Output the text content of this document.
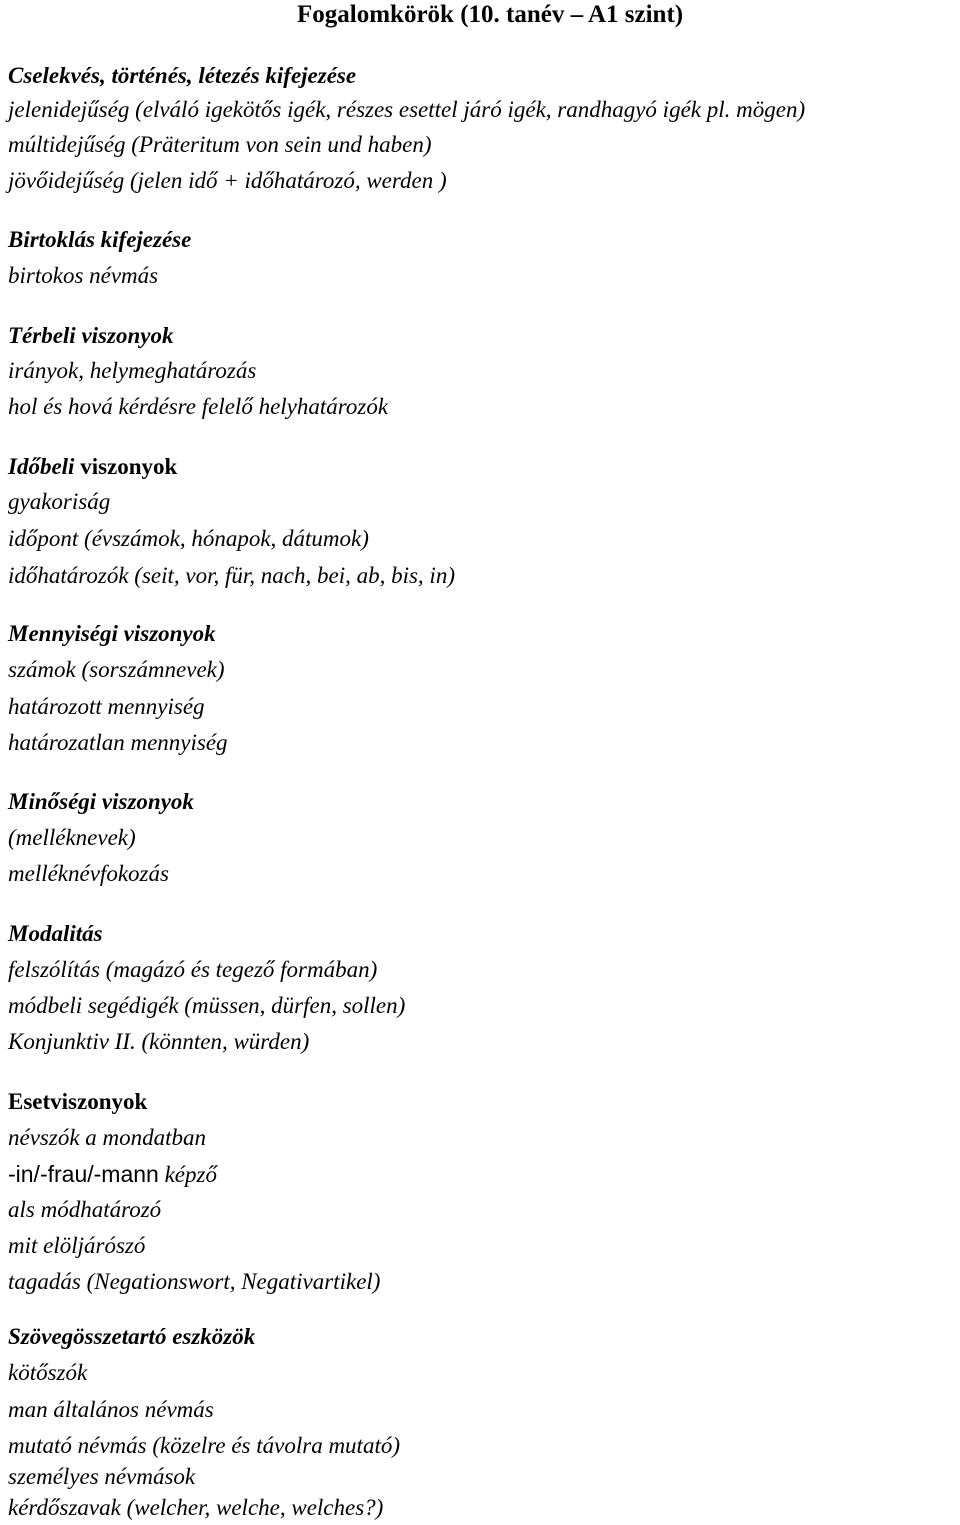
Fogalomkörök (10. tanév – A1 szint)
Cselekvés, történés, létezés kifejezése
jelenidejűség (elváló igekötős igék, részes esettel járó igék, randhagyó igék pl. mögen)
múltidejűség (Präteritum von sein und haben)
jövőidejűség (jelen idő + időhatározó, werden )
Birtoklás kifejezése
birtokos névmás
Térbeli viszonyok
irányok, helymeghatározás
hol és hová kérdésre felelő helyhatározók
Időbeli viszonyok
gyakoriság
időpont (évszámok, hónapok, dátumok)
időhatározók (seit, vor, für, nach, bei, ab, bis, in)
Mennyiségi viszonyok
számok (sorszámnevek)
határozott mennyiség
határozatlan mennyiség
Minőségi viszonyok
(melléknevek)
melléknévfokozás
Modalitás
felszólítás (magázó és tegező formában)
módbeli segédigék (müssen, dürfen, sollen)
Konjunktiv II. (könnten, würden)
Esetviszonyok
névszók a mondatban
-in/-frau/-mann képző
als módhatározó
mit elöljárószó
tagadás (Negationswort, Negativartikel)
Szövegösszetartó eszközök
kötőszók
man általános névmás
mutató névmás (közelre és távolra mutató)
személyes névmások
kérdőszavak (welcher, welche, welches?)
